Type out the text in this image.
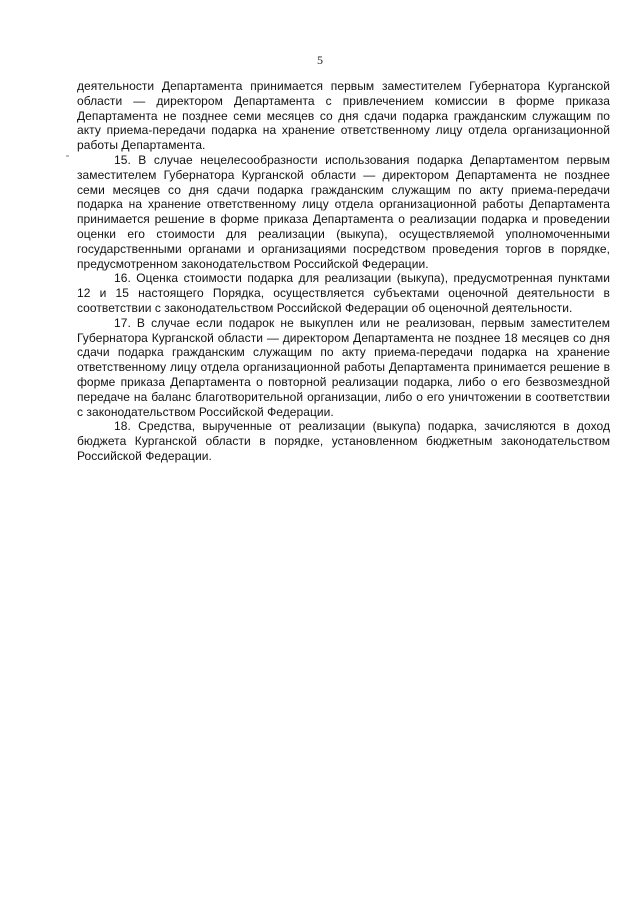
5

деятельности Департамента принимается первым заместителем Губернатора Курганской области — директором Департамента с привлечением комиссии в форме приказа Департамента не позднее семи месяцев со дня сдачи подарка гражданским служащим по акту приема-передачи подарка на хранение ответственному лицу отдела организационной работы Департамента.

15. В случае нецелесообразности использования подарка Департаментом первым заместителем Губернатора Курганской области — директором Департамента не позднее семи месяцев со дня сдачи подарка гражданским служащим по акту приема-передачи подарка на хранение ответственному лицу отдела организационной работы Департамента принимается решение в форме приказа Департамента о реализации подарка и проведении оценки его стоимости для реализации (выкупа), осуществляемой уполномоченными государственными органами и организациями посредством проведения торгов в порядке, предусмотренном законодательством Российской Федерации.

16. Оценка стоимости подарка для реализации (выкупа), предусмотренная пунктами 12 и 15 настоящего Порядка, осуществляется субъектами оценочной деятельности в соответствии с законодательством Российской Федерации об оценочной деятельности.

17. В случае если подарок не выкуплен или не реализован, первым заместителем Губернатора Курганской области — директором Департамента не позднее 18 месяцев со дня сдачи подарка гражданским служащим по акту приема-передачи подарка на хранение ответственному лицу отдела организационной работы Департамента принимается решение в форме приказа Департамента о повторной реализации подарка, либо о его безвозмездной передаче на баланс благотворительной организации, либо о его уничтожении в соответствии с законодательством Российской Федерации.

18. Средства, вырученные от реализации (выкупа) подарка, зачисляются в доход бюджета Курганской области в порядке, установленном бюджетным законодательством Российской Федерации.
